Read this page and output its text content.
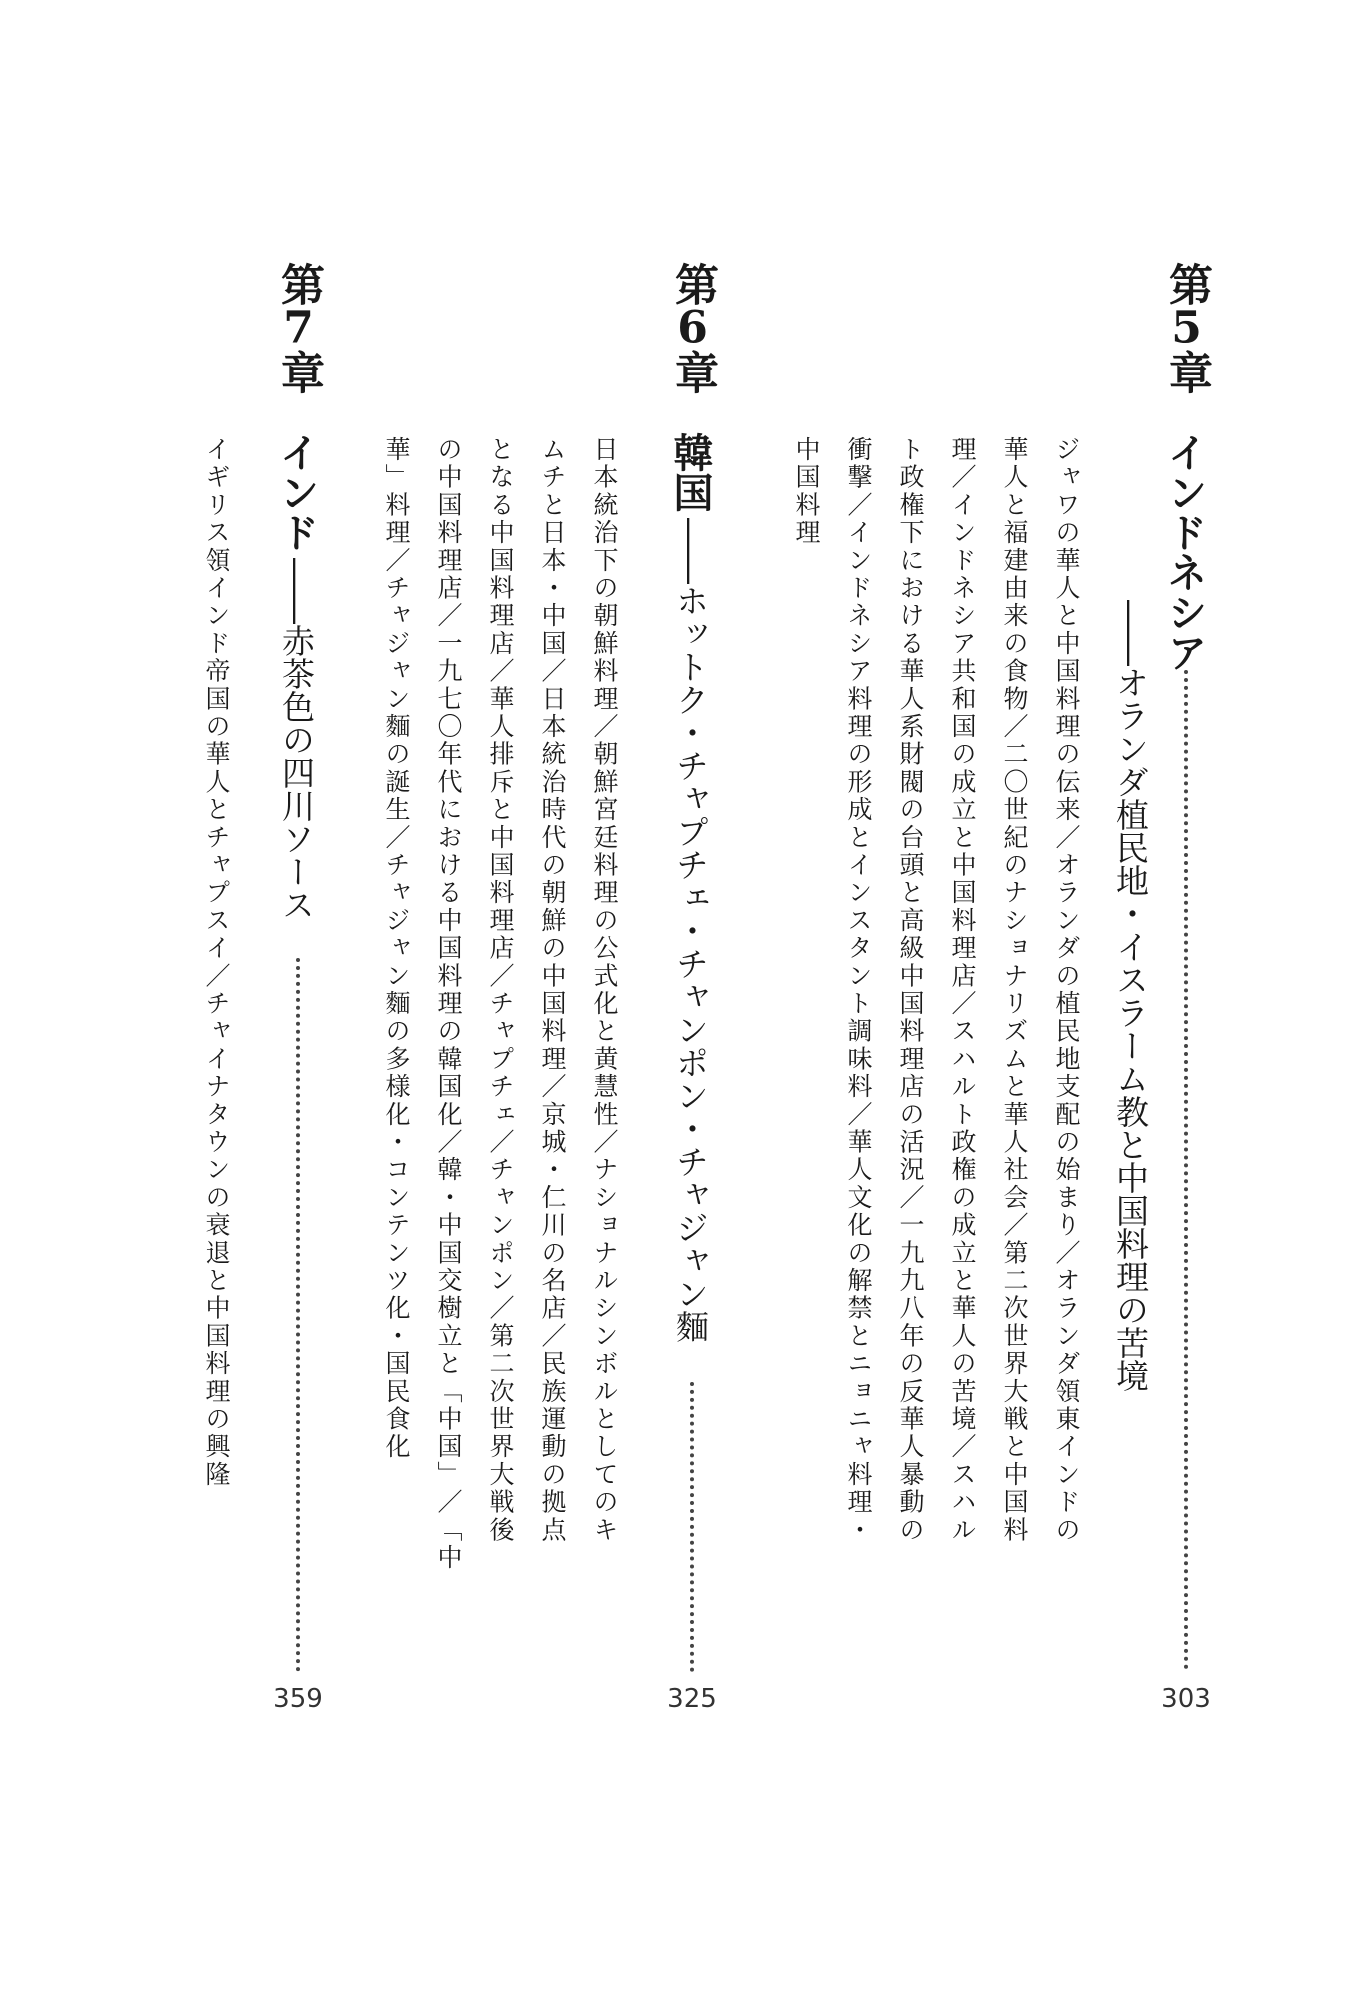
第5章
インドネシア
――オランダ植民地・イスラーム教と中国料理の苦境
303
ジャワの華人と中国料理の伝来／オランダの植民地支配の始まり／オランダ領東インドの
華人と福建由来の食物／二〇世紀のナショナリズムと華人社会／第二次世界大戦と中国料
理／インドネシア共和国の成立と中国料理店／スハルト政権の成立と華人の苦境／スハル
ト政権下における華人系財閥の台頭と高級中国料理店の活況／一九九八年の反華人暴動の
衝撃／インドネシア料理の形成とインスタント調味料／華人文化の解禁とニョニャ料理・
中国料理
第6章
韓国
――ホットク・チャプチェ・チャンポン・チャジャン麵
325
日本統治下の朝鮮料理／朝鮮宮廷料理の公式化と黄慧性／ナショナルシンボルとしてのキ
ムチと日本・中国／日本統治時代の朝鮮の中国料理／京城・仁川の名店／民族運動の拠点
となる中国料理店／華人排斥と中国料理店／チャプチェ／チャンポン／第二次世界大戦後
の中国料理店／一九七〇年代における中国料理の韓国化／韓・中国交樹立と「中国」／「中
華」料理／チャジャン麵の誕生／チャジャン麵の多様化・コンテンツ化・国民食化
第7章
インド
――赤茶色の四川ソース
359
イギリス領インド帝国の華人とチャプスイ／チャイナタウンの衰退と中国料理の興隆
